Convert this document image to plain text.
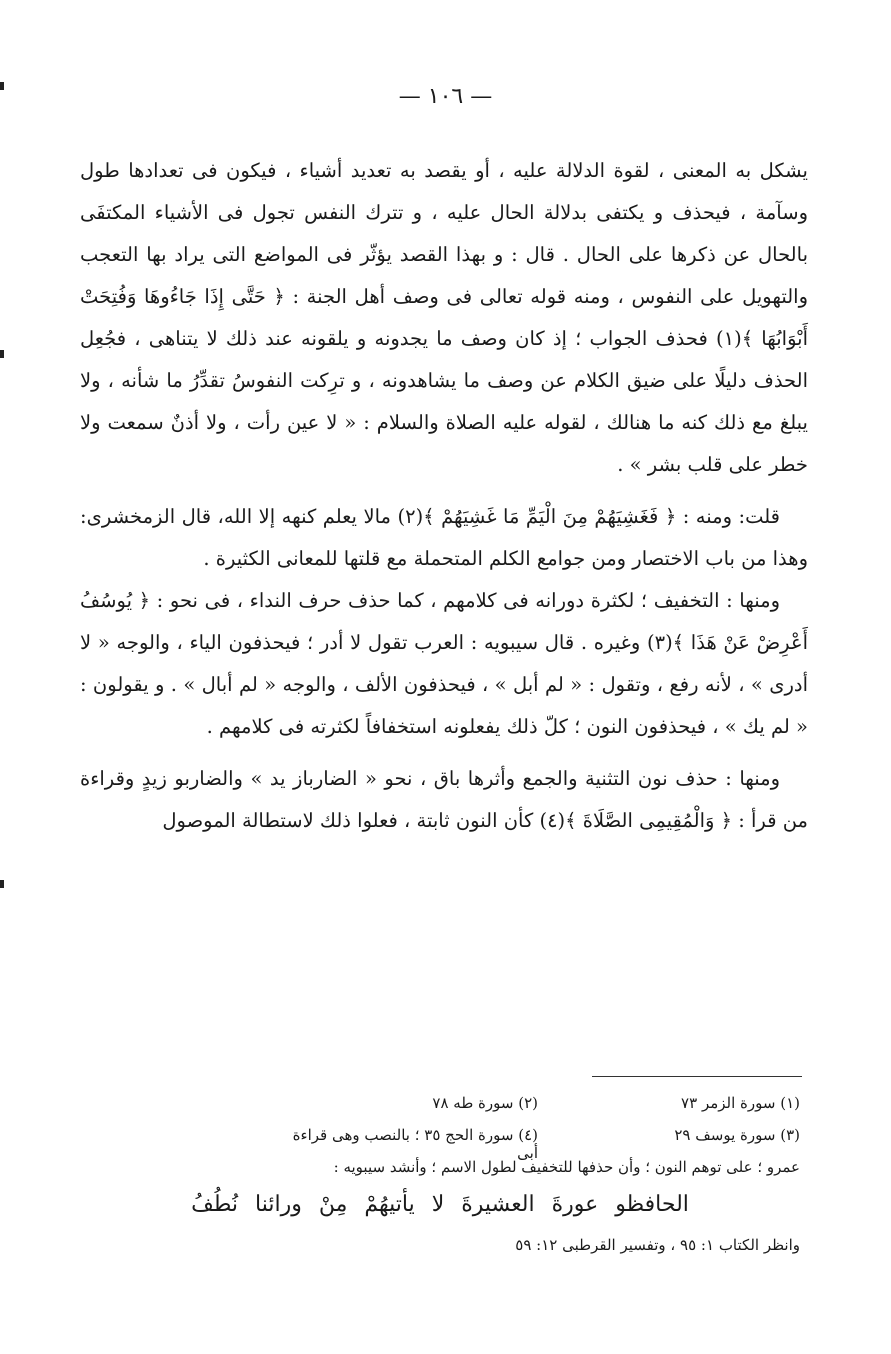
— ١٠٦ —

يشكل به المعنى ، لقوة الدلالة عليه ، أو يقصد به تعديد أشياء ، فيكون فى تعدادها طول وسآمة ، فيحذف و يكتفى بدلالة الحال عليه ، و تترك النفس تجول فى الأشياء المكتفَى بالحال عن ذكرها على الحال . قال : و بهذا القصد يؤثّر فى المواضع التى يراد بها التعجب والتهويل على النفوس ، ومنه قوله تعالى فى وصف أهل الجنة : ﴿ حَتَّى إِذَا جَاءُوهَا وَفُتِحَتْ أَبْوَابُهَا ﴾(١) فحذف الجواب ؛ إذ كان وصف ما يجدونه و يلقونه عند ذلك لا يتناهى ، فجُعِل الحذف دليلًا على ضيق الكلام عن وصف ما يشاهدونه ، و ترِكت النفوسُ تقدِّرُ ما شأنه ، ولا يبلغ مع ذلك كنه ما هنالك ، لقوله عليه الصلاة والسلام : « لا عين رأت ، ولا أذنٌ سمعت ولا خطر على قلب بشر » .

قلت: ومنه : ﴿ فَغَشِيَهُمْ مِنَ الْيَمِّ مَا غَشِيَهُمْ ﴾(٢) مالا يعلم كنهه إلا الله، قال الزمخشرى: وهذا من باب الاختصار ومن جوامع الكلم المتحملة مع قلتها للمعانى الكثيرة .

ومنها : التخفيف ؛ لكثرة دورانه فى كلامهم ، كما حذف حرف النداء ، فى نحو : ﴿ يُوسُفُ أَعْرِضْ عَنْ هَذَا ﴾(٣) وغيره . قال سيبويه : العرب تقول لا أدر ؛ فيحذفون الياء ، والوجه « لا أدرى » ، لأنه رفع ، وتقول : « لم أبل » ، فيحذفون الألف ، والوجه « لم أبال » . و يقولون : « لم يك » ، فيحذفون النون ؛ كلّ ذلك يفعلونه استخفافاً لكثرته فى كلامهم .

ومنها : حذف نون التثنية والجمع وأثرها باق ، نحو « الضارباز يد » والضاربو زيدٍ وقراءة من قرأ : ﴿ وَالْمُقِيمِى الصَّلَاةَ ﴾(٤) كأن النون ثابتة ، فعلوا ذلك لاستطالة الموصول

(١) سورة الزمر ٧٣(٢) سورة طه ٧٨
(٣) سورة يوسف ٢٩(٤) سورة الحج ٣٥ ؛ بالنصب وهى قراءة أبى
عمرو ؛ على توهم النون ؛ وأن حذفها للتخفيف لطول الاسم ؛ وأنشد سيبويه :
الحافظو عورةَ العشيرةَ لا يأتيهُمْ مِنْ ورائنا نُطُفُ
وانظر الكتاب ١: ٩٥ ، وتفسير القرطبى ١٢: ٥٩
